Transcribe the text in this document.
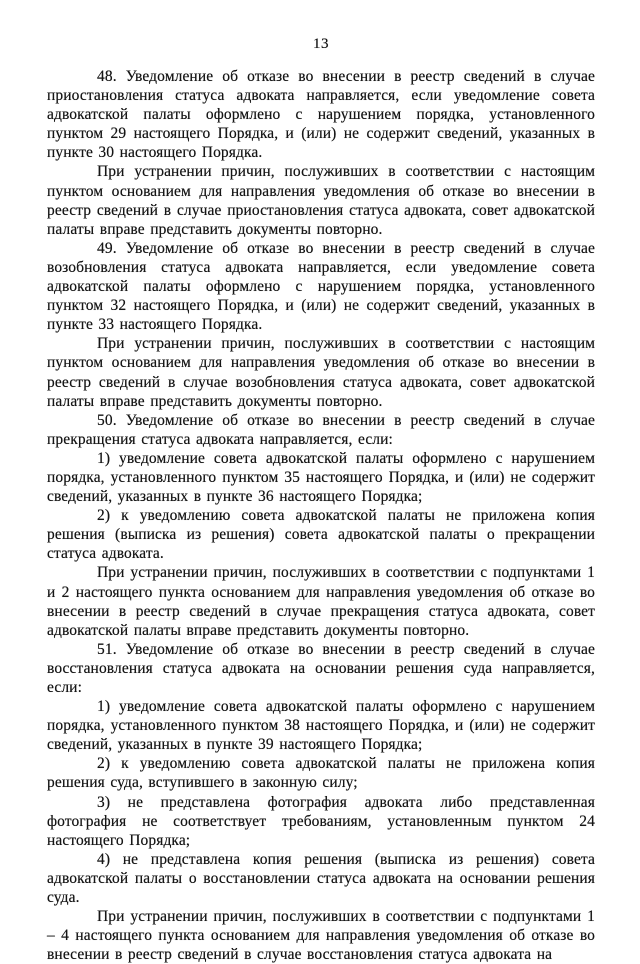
13

48. Уведомление об отказе во внесении в реестр сведений в случае приостановления статуса адвоката направляется, если уведомление совета адвокатской палаты оформлено с нарушением порядка, установленного пунктом 29 настоящего Порядка, и (или) не содержит сведений, указанных в пункте 30 настоящего Порядка.

При устранении причин, послуживших в соответствии с настоящим пунктом основанием для направления уведомления об отказе во внесении в реестр сведений в случае приостановления статуса адвоката, совет адвокатской палаты вправе представить документы повторно.

49. Уведомление об отказе во внесении в реестр сведений в случае возобновления статуса адвоката направляется, если уведомление совета адвокатской палаты оформлено с нарушением порядка, установленного пунктом 32 настоящего Порядка, и (или) не содержит сведений, указанных в пункте 33 настоящего Порядка.

При устранении причин, послуживших в соответствии с настоящим пунктом основанием для направления уведомления об отказе во внесении в реестр сведений в случае возобновления статуса адвоката, совет адвокатской палаты вправе представить документы повторно.

50. Уведомление об отказе во внесении в реестр сведений в случае прекращения статуса адвоката направляется, если:

1) уведомление совета адвокатской палаты оформлено с нарушением порядка, установленного пунктом 35 настоящего Порядка, и (или) не содержит сведений, указанных в пункте 36 настоящего Порядка;

2) к уведомлению совета адвокатской палаты не приложена копия решения (выписка из решения) совета адвокатской палаты о прекращении статуса адвоката.

При устранении причин, послуживших в соответствии с подпунктами 1 и 2 настоящего пункта основанием для направления уведомления об отказе во внесении в реестр сведений в случае прекращения статуса адвоката, совет адвокатской палаты вправе представить документы повторно.

51. Уведомление об отказе во внесении в реестр сведений в случае восстановления статуса адвоката на основании решения суда направляется, если:

1) уведомление совета адвокатской палаты оформлено с нарушением порядка, установленного пунктом 38 настоящего Порядка, и (или) не содержит сведений, указанных в пункте 39 настоящего Порядка;

2) к уведомлению совета адвокатской палаты не приложена копия решения суда, вступившего в законную силу;

3) не представлена фотография адвоката либо представленная фотография не соответствует требованиям, установленным пунктом 24 настоящего Порядка;

4) не представлена копия решения (выписка из решения) совета адвокатской палаты о восстановлении статуса адвоката на основании решения суда.

При устранении причин, послуживших в соответствии с подпунктами 1 – 4 настоящего пункта основанием для направления уведомления об отказе во внесении в реестр сведений в случае восстановления статуса адвоката на
